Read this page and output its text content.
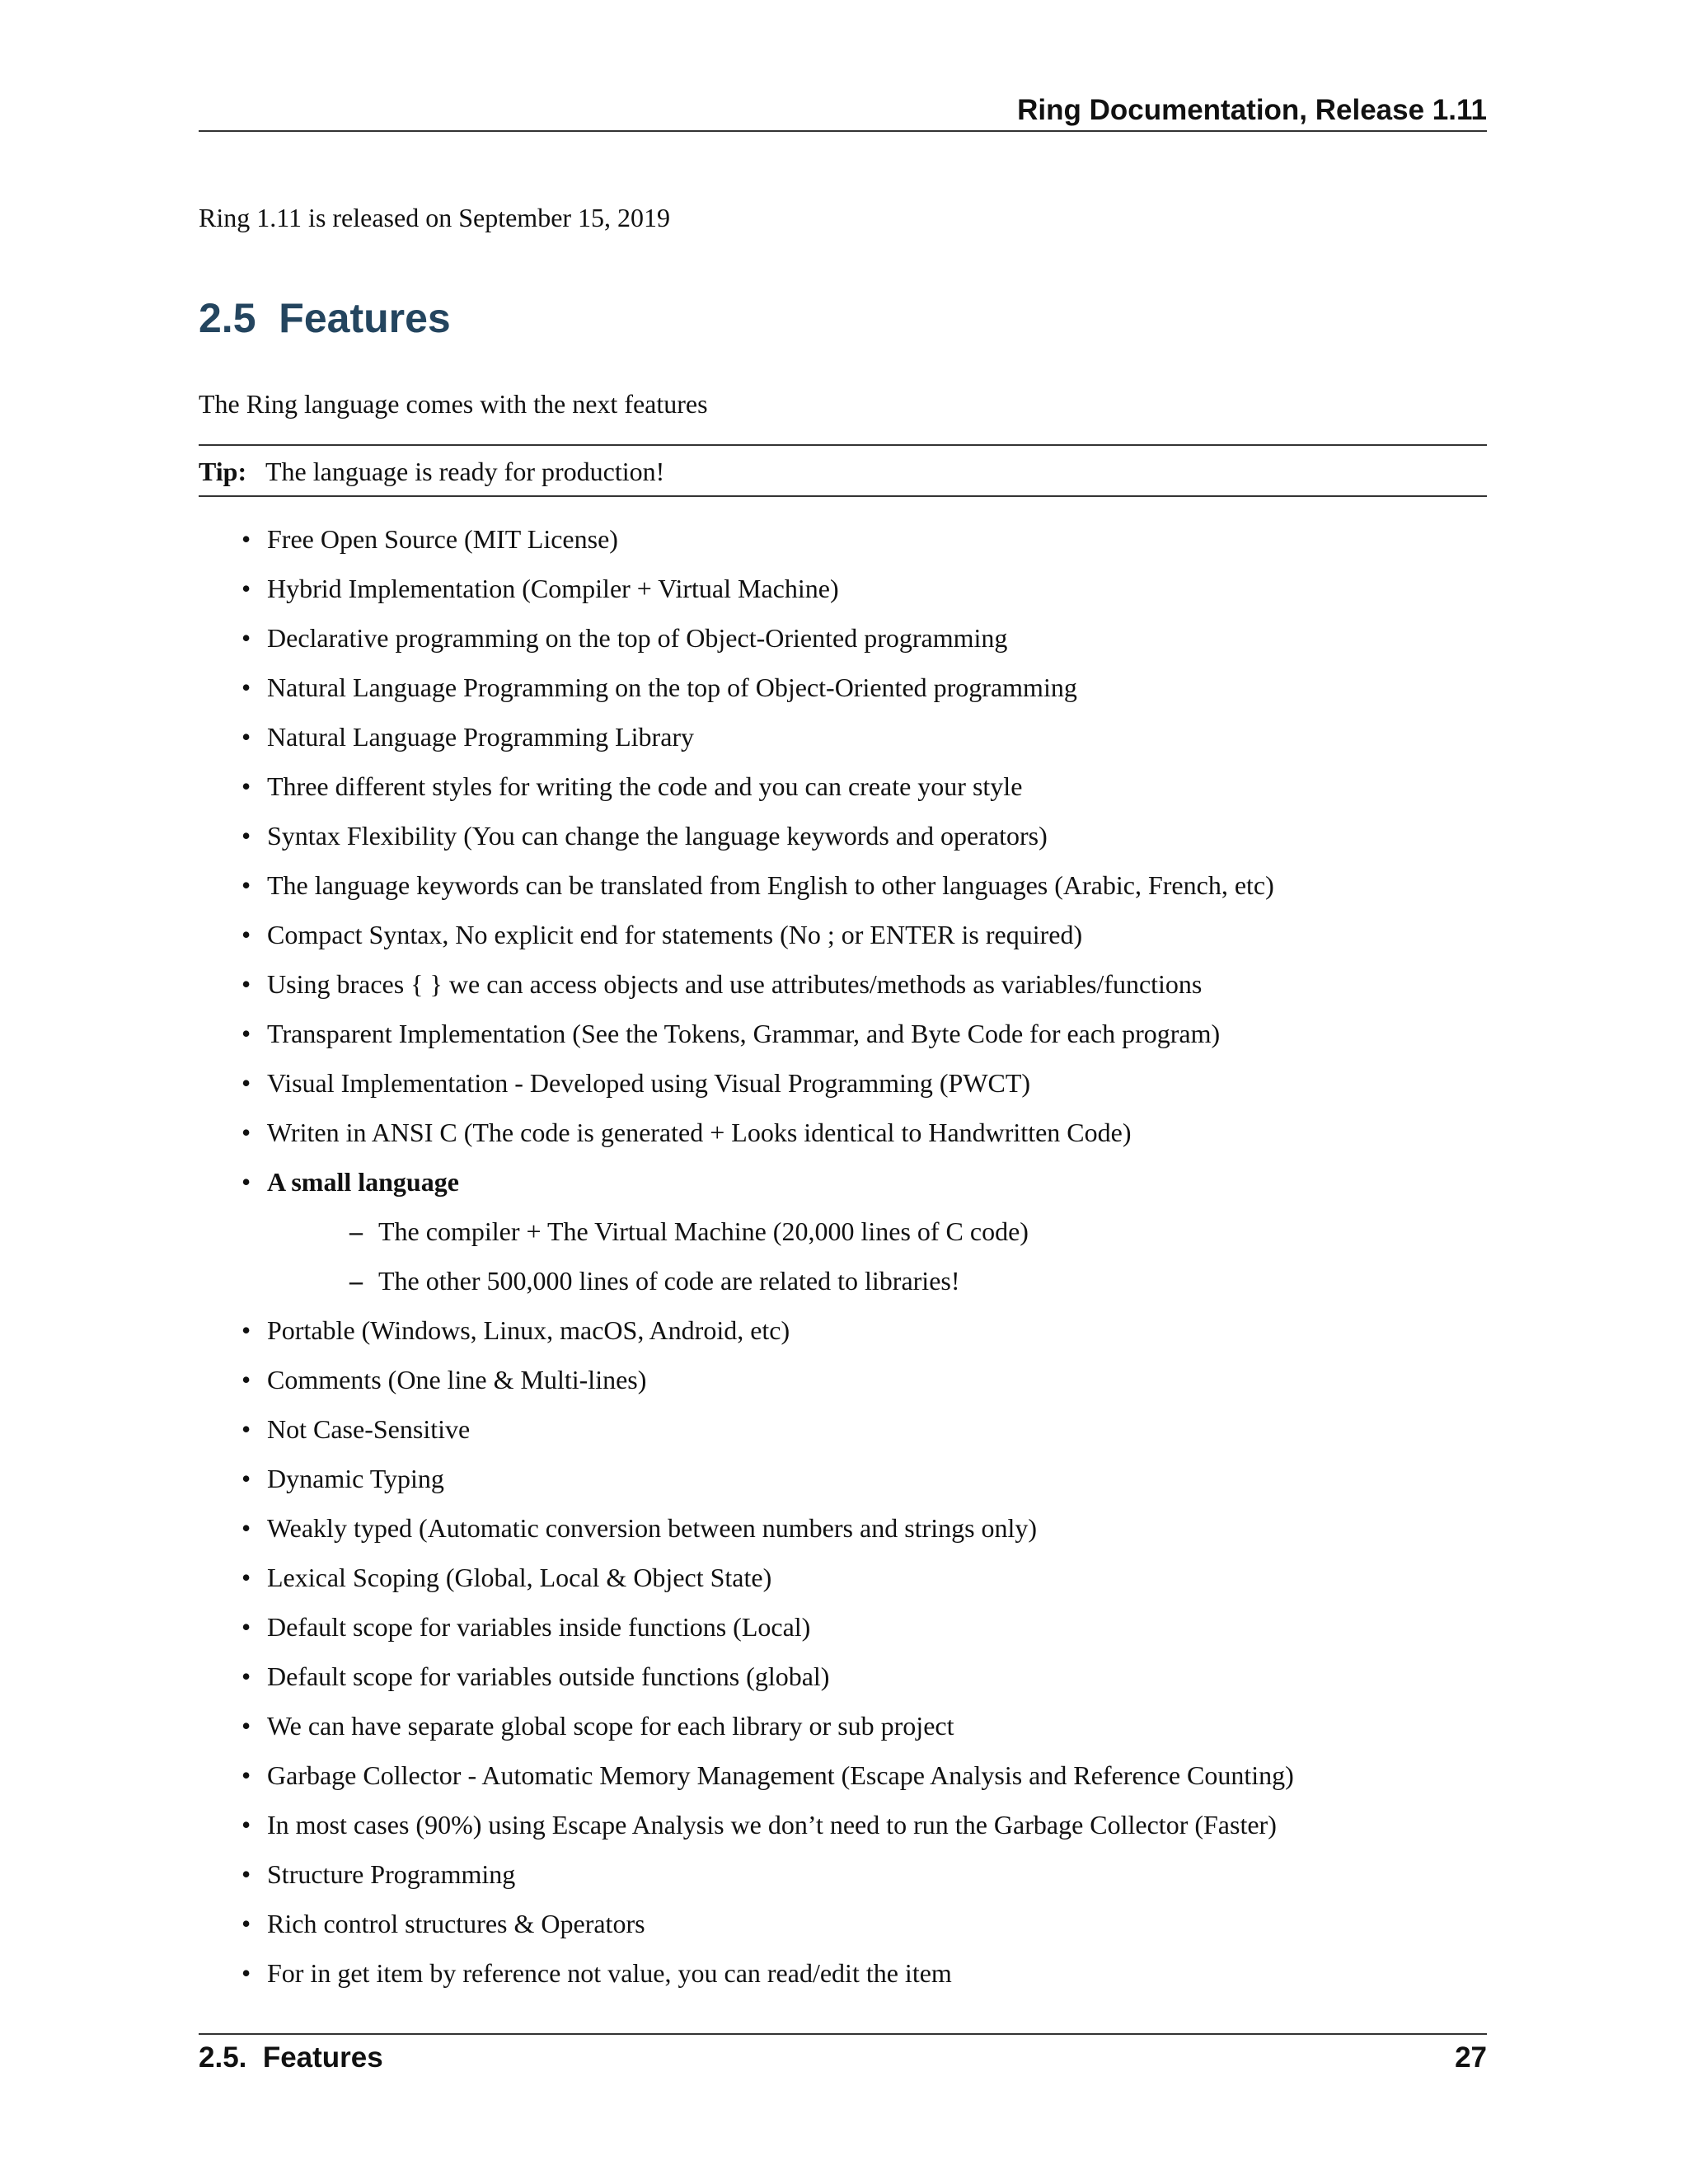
Ring Documentation, Release 1.11
Ring 1.11 is released on September 15, 2019
2.5  Features
The Ring language comes with the next features
Tip: The language is ready for production!
• Free Open Source (MIT License)
• Hybrid Implementation (Compiler + Virtual Machine)
• Declarative programming on the top of Object-Oriented programming
• Natural Language Programming on the top of Object-Oriented programming
• Natural Language Programming Library
• Three different styles for writing the code and you can create your style
• Syntax Flexibility (You can change the language keywords and operators)
• The language keywords can be translated from English to other languages (Arabic, French, etc)
• Compact Syntax, No explicit end for statements (No ; or ENTER is required)
• Using braces { } we can access objects and use attributes/methods as variables/functions
• Transparent Implementation (See the Tokens, Grammar, and Byte Code for each program)
• Visual Implementation - Developed using Visual Programming (PWCT)
• Writen in ANSI C (The code is generated + Looks identical to Handwritten Code)
• A small language
– The compiler + The Virtual Machine (20,000 lines of C code)
– The other 500,000 lines of code are related to libraries!
• Portable (Windows, Linux, macOS, Android, etc)
• Comments (One line & Multi-lines)
• Not Case-Sensitive
• Dynamic Typing
• Weakly typed (Automatic conversion between numbers and strings only)
• Lexical Scoping (Global, Local & Object State)
• Default scope for variables inside functions (Local)
• Default scope for variables outside functions (global)
• We can have separate global scope for each library or sub project
• Garbage Collector - Automatic Memory Management (Escape Analysis and Reference Counting)
• In most cases (90%) using Escape Analysis we don’t need to run the Garbage Collector (Faster)
• Structure Programming
• Rich control structures & Operators
• For in get item by reference not value, you can read/edit the item
2.5.  Features	27
